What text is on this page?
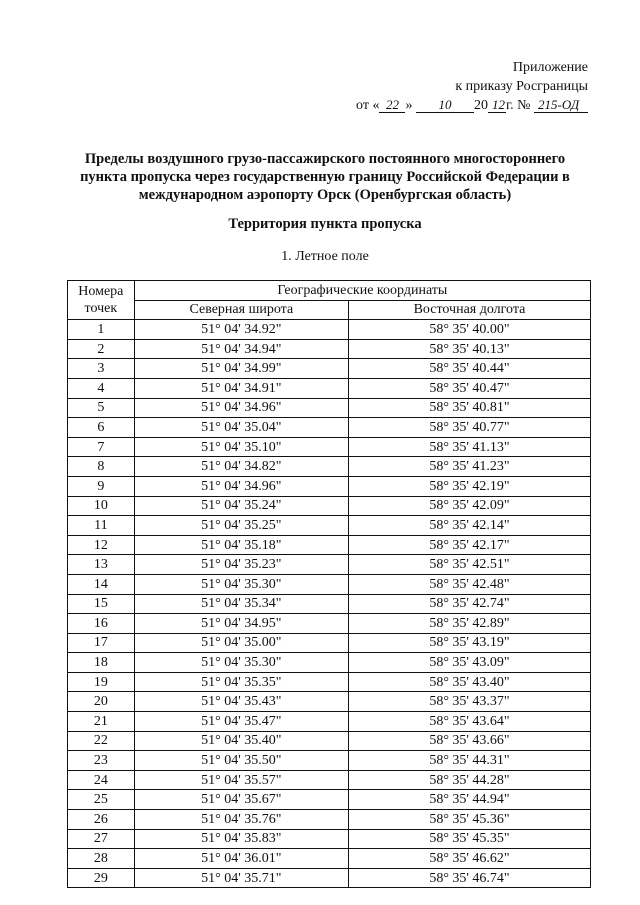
Приложение
к приказу Росграницы
от « 22 » 10 20 12г. № 215-ОД
Пределы воздушного грузо-пассажирского постоянного многостороннего
пункта пропуска через государственную границу Российской Федерации в
международном аэропорту Орск (Оренбургская область)
Территория пункта пропуска
1. Летное поле
Номера
точек	Географические координаты	
	Северная широта	Восточная долгота
1	51° 04' 34.92"	58° 35' 40.00"
2	51° 04' 34.94"	58° 35' 40.13"
3	51° 04' 34.99"	58° 35' 40.44"
4	51° 04' 34.91"	58° 35' 40.47"
5	51° 04' 34.96"	58° 35' 40.81"
6	51° 04' 35.04"	58° 35' 40.77"
7	51° 04' 35.10"	58° 35' 41.13"
8	51° 04' 34.82"	58° 35' 41.23"
9	51° 04' 34.96"	58° 35' 42.19"
10	51° 04' 35.24"	58° 35' 42.09"
11	51° 04' 35.25"	58° 35' 42.14"
12	51° 04' 35.18"	58° 35' 42.17"
13	51° 04' 35.23"	58° 35' 42.51"
14	51° 04' 35.30"	58° 35' 42.48"
15	51° 04' 35.34"	58° 35' 42.74"
16	51° 04' 34.95"	58° 35' 42.89"
17	51° 04' 35.00"	58° 35' 43.19"
18	51° 04' 35.30"	58° 35' 43.09"
19	51° 04' 35.35"	58° 35' 43.40"
20	51° 04' 35.43"	58° 35' 43.37"
21	51° 04' 35.47"	58° 35' 43.64"
22	51° 04' 35.40"	58° 35' 43.66"
23	51° 04' 35.50"	58° 35' 44.31"
24	51° 04' 35.57"	58° 35' 44.28"
25	51° 04' 35.67"	58° 35' 44.94"
26	51° 04' 35.76"	58° 35' 45.36"
27	51° 04' 35.83"	58° 35' 45.35"
28	51° 04' 36.01"	58° 35' 46.62"
29	51° 04' 35.71"	58° 35' 46.74"
